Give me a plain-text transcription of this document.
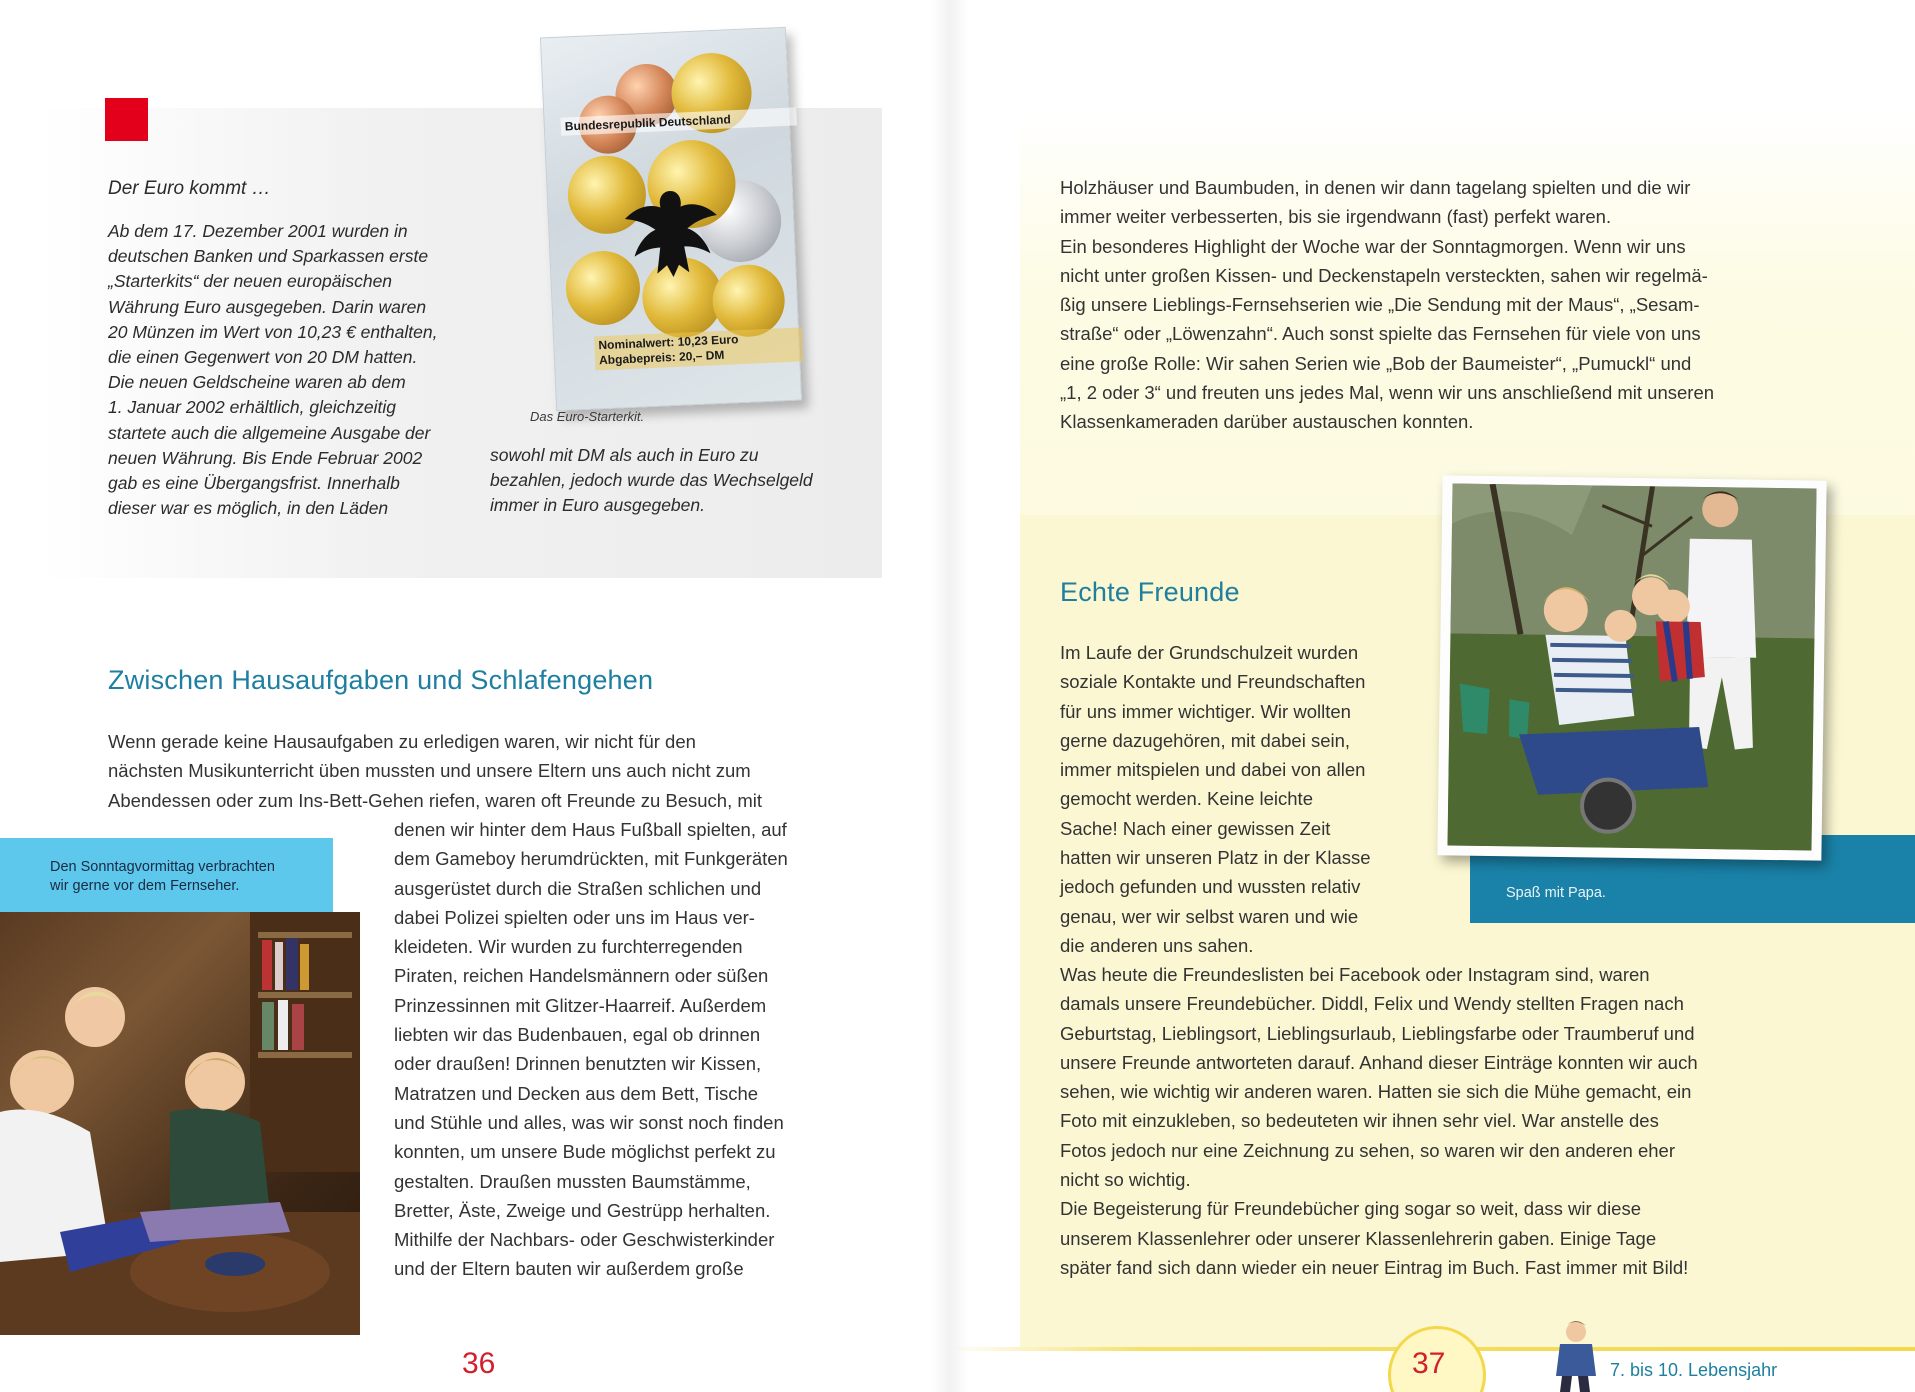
Der Euro kommt …
Ab dem 17. Dezember 2001 wurden in
deutschen Banken und Sparkassen erste
„Starterkits“ der neuen europäischen
Währung Euro ausgegeben. Darin waren
20 Münzen im Wert von 10,23 € enthalten,
die einen Gegenwert von 20 DM hatten.
Die neuen Geldscheine waren ab dem
1. Januar 2002 erhältlich, gleichzeitig
startete auch die allgemeine Ausgabe der
neuen Währung. Bis Ende Februar 2002
gab es eine Übergangsfrist. Innerhalb
dieser war es möglich, in den Läden
sowohl mit DM als auch in Euro zu
bezahlen, jedoch wurde das Wechselgeld
immer in Euro ausgegeben.
Bundesrepublik Deutschland
Nominalwert: 10,23 Euro
Abgabepreis: 20,– DM
Das Euro-Starterkit.
Zwischen Hausaufgaben und Schlafengehen
Wenn gerade keine Hausaufgaben zu erledigen waren, wir nicht für den
nächsten Musikunterricht üben mussten und unsere Eltern uns auch nicht zum
Abendessen oder zum Ins-Bett-Gehen riefen, waren oft Freunde zu Besuch, mit
denen wir hinter dem Haus Fußball spielten, auf
dem Gameboy herumdrückten, mit Funkgeräten
ausgerüstet durch die Straßen schlichen und
dabei Polizei spielten oder uns im Haus ver-
kleideten. Wir wurden zu furchterregenden
Piraten, reichen Handelsmännern oder süßen
Prinzessinnen mit Glitzer-Haarreif. Außerdem
liebten wir das Budenbauen, egal ob drinnen
oder draußen! Drinnen benutzten wir Kissen,
Matratzen und Decken aus dem Bett, Tische
und Stühle und alles, was wir sonst noch finden
konnten, um unsere Bude möglichst perfekt zu
gestalten. Draußen mussten Baumstämme,
Bretter, Äste, Zweige und Gestrüpp herhalten.
Mithilfe der Nachbars- oder Geschwisterkinder
und der Eltern bauten wir außerdem große
Den Sonntagvormittag verbrachten
wir gerne vor dem Fernseher.
36
Holzhäuser und Baumbuden, in denen wir dann tagelang spielten und die wir
immer weiter verbesserten, bis sie irgendwann (fast) perfekt waren.
Ein besonderes Highlight der Woche war der Sonntagmorgen. Wenn wir uns
nicht unter großen Kissen- und Deckenstapeln versteckten, sahen wir regelmä-
ßig unsere Lieblings-Fernsehserien wie „Die Sendung mit der Maus“, „Sesam-
straße“ oder „Löwenzahn“. Auch sonst spielte das Fernsehen für viele von uns
eine große Rolle: Wir sahen Serien wie „Bob der Baumeister“, „Pumuckl“ und
„1, 2 oder 3“ und freuten uns jedes Mal, wenn wir uns anschließend mit unseren
Klassenkameraden darüber austauschen konnten.
Echte Freunde
Im Laufe der Grundschulzeit wurden
soziale Kontakte und Freundschaften
für uns immer wichtiger. Wir wollten
gerne dazugehören, mit dabei sein,
immer mitspielen und dabei von allen
gemocht werden. Keine leichte
Sache! Nach einer gewissen Zeit
hatten wir unseren Platz in der Klasse
jedoch gefunden und wussten relativ
genau, wer wir selbst waren und wie
die anderen uns sahen.
Spaß mit Papa.
Was heute die Freundeslisten bei Facebook oder Instagram sind, waren
damals unsere Freundebücher. Diddl, Felix und Wendy stellten Fragen nach
Geburtstag, Lieblingsort, Lieblingsurlaub, Lieblingsfarbe oder Traumberuf und
unsere Freunde antworteten darauf. Anhand dieser Einträge konnten wir auch
sehen, wie wichtig wir anderen waren. Hatten sie sich die Mühe gemacht, ein
Foto mit einzukleben, so bedeuteten wir ihnen sehr viel. War anstelle des
Fotos jedoch nur eine Zeichnung zu sehen, so waren wir den anderen eher
nicht so wichtig.
Die Begeisterung für Freundebücher ging sogar so weit, dass wir diese
unserem Klassenlehrer oder unserer Klassenlehrerin gaben. Einige Tage
später fand sich dann wieder ein neuer Eintrag im Buch. Fast immer mit Bild!
37	7. bis 10. Lebensjahr
